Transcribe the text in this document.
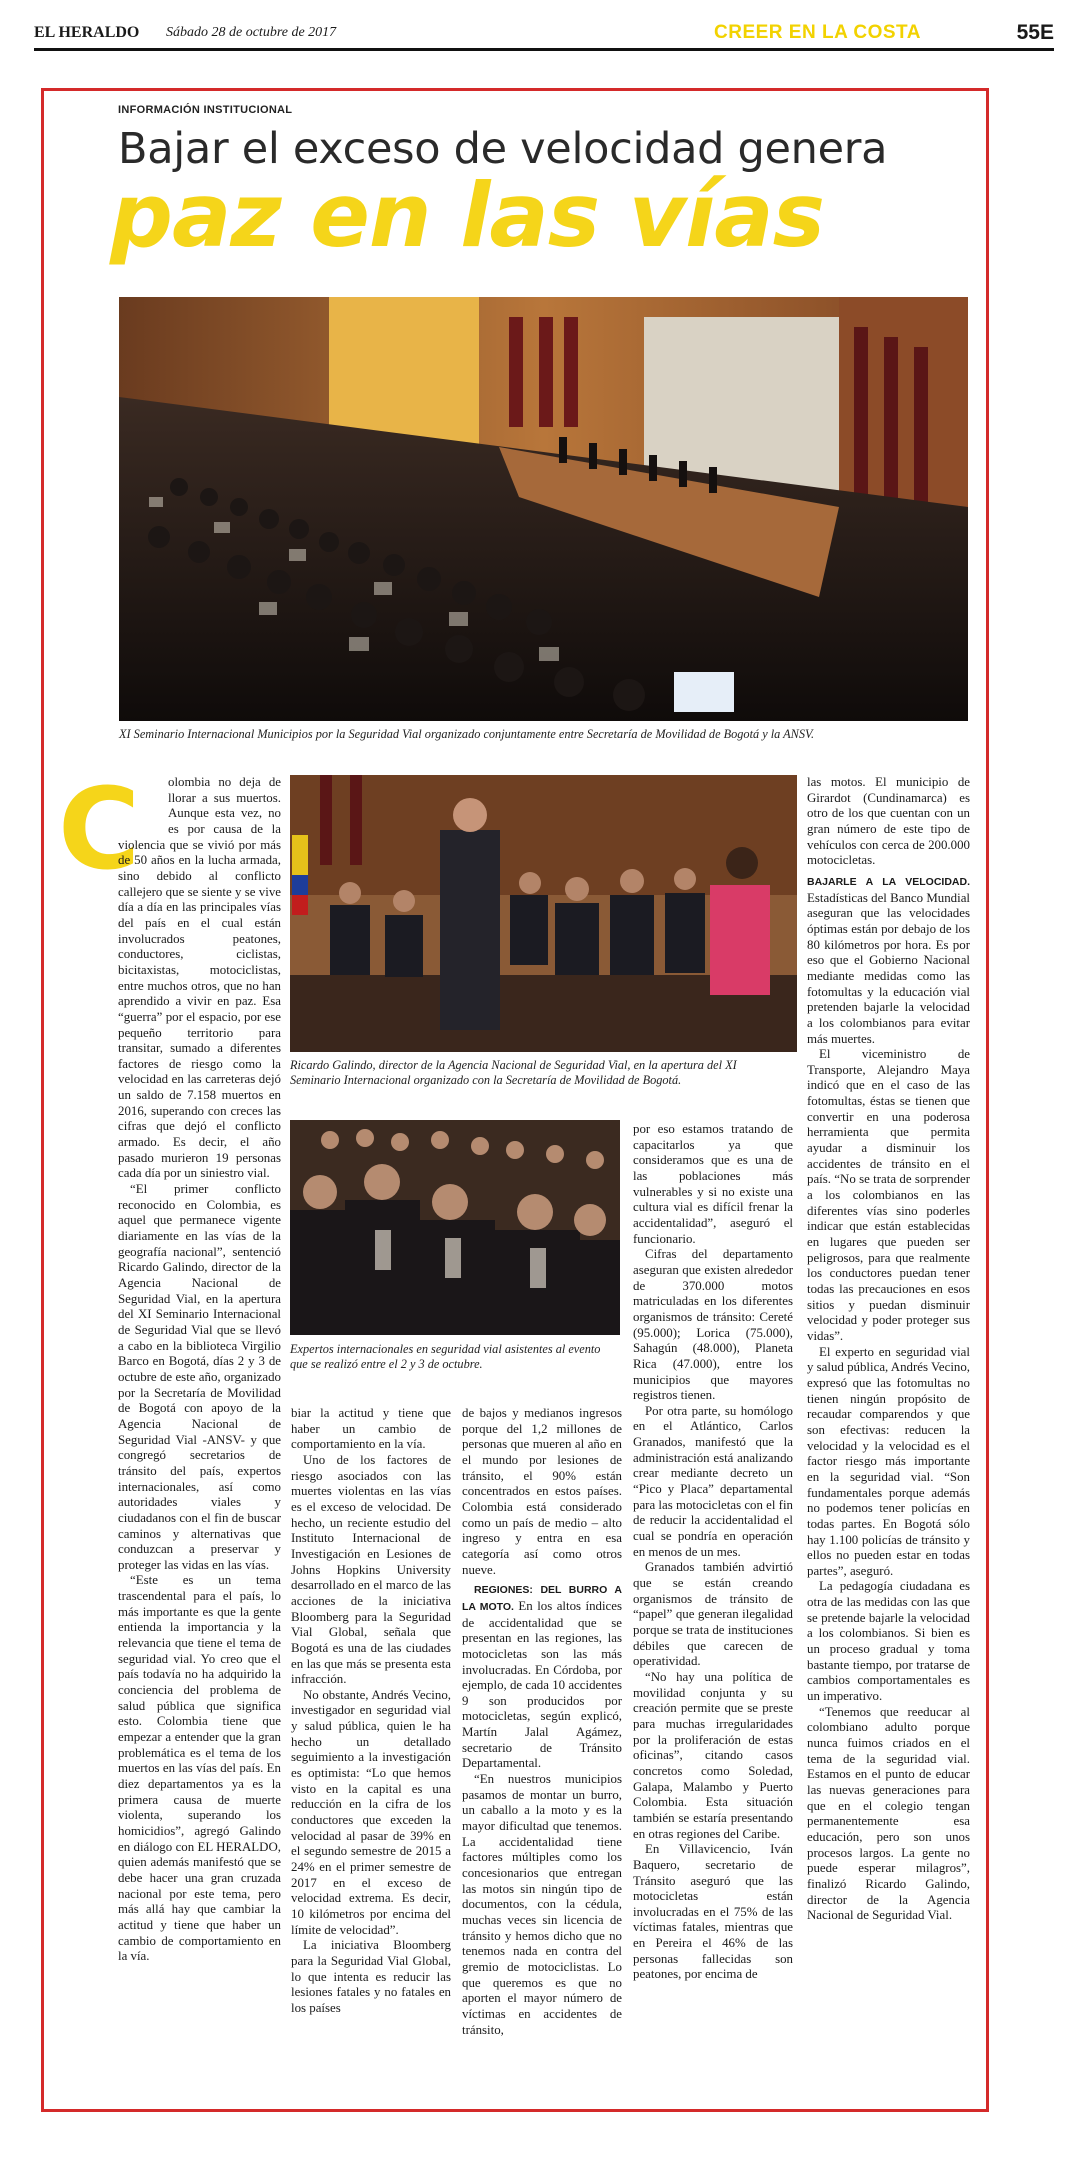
EL HERALDO Sábado 28 de octubre de 2017	CREER EN LA COSTA	55E
INFORMACIÓN INSTITUCIONAL
Bajar el exceso de velocidad genera
paz en las vías
XI Seminario Internacional Municipios por la Seguridad Vial organizado conjuntamente entre Secretaría de Movilidad de Bogotá y la ANSV.
Ricardo Galindo, director de la Agencia Nacional de Seguridad Vial, en la apertura del XI Seminario Internacional organizado con la Secretaría de Movilidad de Bogotá.
Expertos internacionales en seguridad vial asistentes al evento que se realizó entre el 2 y 3 de octubre.
C	olombia no deja de llorar a sus muertos. Aunque esta vez, no es por causa de la violencia que se vivió por más de 50 años en la lucha armada, sino debido al conflicto callejero que se siente y se vive día a día en las principales vías del país en el cual están involucrados peatones, conductores, ciclistas, bicitaxistas, motociclistas, entre muchos otros, que no han aprendido a vivir en paz. Esa “guerra” por el espacio, por ese pequeño territorio para transitar, sumado a diferentes factores de riesgo como la velocidad en las carreteras dejó un saldo de 7.158 muertos en 2016, superando con creces las cifras que dejó el conflicto armado. Es decir, el año pasado murieron 19 personas cada día por un siniestro vial.

“El primer conflicto reconocido en Colombia, es aquel que permanece vigente diariamente en las vías de la geografía nacional”, sentenció Ricardo Galindo, director de la Agencia Nacional de Seguridad Vial, en la apertura del XI Seminario Internacional de Seguridad Vial que se llevó a cabo en la biblioteca Virgilio Barco en Bogotá, días 2 y 3 de octubre de este año, organizado por la Secretaría de Movilidad de Bogotá con apoyo de la Agencia Nacional de Seguridad Vial -ANSV- y que congregó secretarios de tránsito del país, expertos internacionales, así como autoridades viales y ciudadanos con el fin de buscar caminos y alternativas que conduzcan a preservar y proteger las vidas en las vías.

“Este es un tema trascendental para el país, lo más importante es que la gente entienda la importancia y la relevancia que tiene el tema de seguridad vial. Yo creo que el país todavía no ha adquirido la conciencia del problema de salud pública que significa esto. Colombia tiene que empezar a entender que la gran problemática es el tema de los muertos en las vías del país. En diez departamentos ya es la primera causa de muerte violenta, superando los homicidios”, agregó Galindo en diálogo con EL HERALDO, quien además manifestó que se debe hacer una gran cruzada nacional por este tema, pero más allá hay que cambiar la actitud y tiene que haber un cambio de comportamiento en la vía.

biar la actitud y tiene que haber un cambio de comportamiento en la vía.

Uno de los factores de riesgo asociados con las muertes violentas en las vías es el exceso de velocidad. De hecho, un reciente estudio del Instituto Internacional de Investigación en Lesiones de Johns Hopkins University desarrollado en el marco de las acciones de la iniciativa Bloomberg para la Seguridad Vial Global, señala que Bogotá es una de las ciudades en las que más se presenta esta infracción.

No obstante, Andrés Vecino, investigador en seguridad vial y salud pública, quien le ha hecho un detallado seguimiento a la investigación es optimista: “Lo que hemos visto en la capital es una reducción en la cifra de los conductores que exceden la velocidad al pasar de 39% en el segundo semestre de 2015 a 24% en el primer semestre de 2017 en el exceso de velocidad extrema. Es decir, 10 kilómetros por encima del límite de velocidad”.

La iniciativa Bloomberg para la Seguridad Vial Global, lo que intenta es reducir las lesiones fatales y no fatales en los países

de bajos y medianos ingresos porque del 1,2 millones de personas que mueren al año en el mundo por lesiones de tránsito, el 90% están concentrados en estos países. Colombia está considerado como un país de medio – alto ingreso y entra en esa categoría así como otros nueve.

REGIONES: DEL BURRO A LA MOTO. En los altos índices de accidentalidad que se presentan en las regiones, las motocicletas son las más involucradas. En Córdoba, por ejemplo, de cada 10 accidentes 9 son producidos por motocicletas, según explicó, Martín Jalal Agámez, secretario de Tránsito Departamental.

“En nuestros municipios pasamos de montar un burro, un caballo a la moto y es la mayor dificultad que tenemos. La accidentalidad tiene factores múltiples como los concesionarios que entregan las motos sin ningún tipo de documentos, con la cédula, muchas veces sin licencia de tránsito y hemos dicho que no tenemos nada en contra del gremio de motociclistas. Lo que queremos es que no aporten el mayor número de víctimas en accidentes de tránsito,

por eso estamos tratando de capacitarlos ya que consideramos que es una de las poblaciones más vulnerables y si no existe una cultura vial es difícil frenar la accidentalidad”, aseguró el funcionario.

Cifras del departamento aseguran que existen alrededor de 370.000 motos matriculadas en los diferentes organismos de tránsito: Cereté (95.000); Lorica (75.000), Sahagún (48.000), Planeta Rica (47.000), entre los municipios que mayores registros tienen.

Por otra parte, su homólogo en el Atlántico, Carlos Granados, manifestó que la administración está analizando crear mediante decreto un “Pico y Placa” departamental para las motocicletas con el fin de reducir la accidentalidad el cual se pondría en operación en menos de un mes.

Granados también advirtió que se están creando organismos de tránsito de “papel” que generan ilegalidad porque se trata de instituciones débiles que carecen de operatividad.

“No hay una política de movilidad conjunta y su creación permite que se preste para muchas irregularidades por la proliferación de estas oficinas”, citando casos concretos como Soledad, Galapa, Malambo y Puerto Colombia. Esta situación también se estaría presentando en otras regiones del Caribe.

En Villavicencio, Iván Baquero, secretario de Tránsito aseguró que las motocicletas están involucradas en el 75% de las víctimas fatales, mientras que en Pereira el 46% de las personas fallecidas son peatones, por encima de

las motos. El municipio de Girardot (Cundinamarca) es otro de los que cuentan con un gran número de este tipo de vehículos con cerca de 200.000 motocicletas.

BAJARLE A LA VELOCIDAD. Estadísticas del Banco Mundial aseguran que las velocidades óptimas están por debajo de los 80 kilómetros por hora. Es por eso que el Gobierno Nacional mediante medidas como las fotomultas y la educación vial pretenden bajarle la velocidad a los colombianos para evitar más muertes.

El viceministro de Transporte, Alejandro Maya indicó que en el caso de las fotomultas, éstas se tienen que convertir en una poderosa herramienta que permita ayudar a disminuir los accidentes de tránsito en el país. “No se trata de sorprender a los colombianos en las diferentes vías sino poderles indicar que están establecidas en lugares que pueden ser peligrosos, para que realmente los conductores puedan tener todas las precauciones en esos sitios y puedan disminuir velocidad y poder proteger sus vidas”.

El experto en seguridad vial y salud pública, Andrés Vecino, expresó que las fotomultas no tienen ningún propósito de recaudar comparendos y que son efectivas: reducen la velocidad y la velocidad es el factor riesgo más importante en la seguridad vial. “Son fundamentales porque además no podemos tener policías en todas partes. En Bogotá sólo hay 1.100 policías de tránsito y ellos no pueden estar en todas partes”, aseguró.

La pedagogía ciudadana es otra de las medidas con las que se pretende bajarle la velocidad a los colombianos. Si bien es un proceso gradual y toma bastante tiempo, por tratarse de cambios comportamentales es un imperativo.

“Tenemos que reeducar al colombiano adulto porque nunca fuimos criados en el tema de la seguridad vial. Estamos en el punto de educar las nuevas generaciones para que en el colegio tengan permanentemente esa educación, pero son unos procesos largos. La gente no puede esperar milagros”, finalizó Ricardo Galindo, director de la Agencia Nacional de Seguridad Vial.
